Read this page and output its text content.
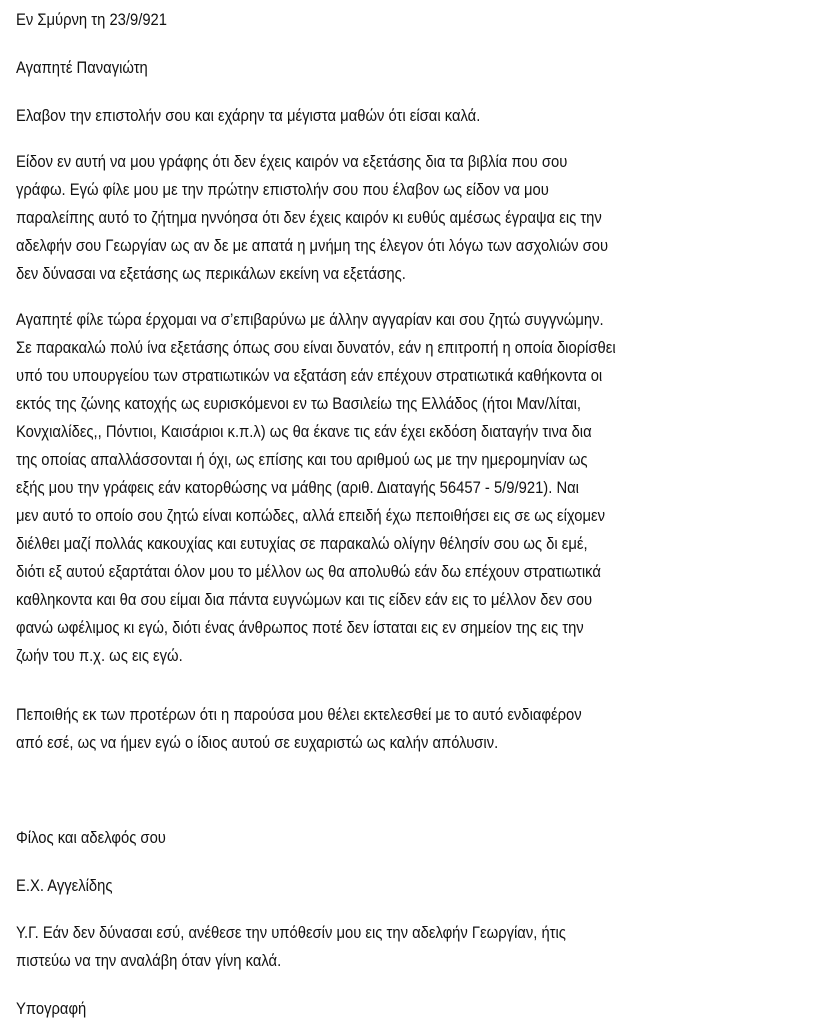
Εν Σμύρνη τη 23/9/921

Αγαπητέ Παναγιώτη

Ελαβον την επιστολήν σου και εχάρην τα μέγιστα μαθών ότι είσαι καλά.

Είδον εν αυτή να μου γράφης ότι δεν έχεις καιρόν να εξετάσης δια τα βιβλία που σου
γράφω. Εγώ φίλε μου με την πρώτην επιστολήν σου που έλαβον ως είδον να μου
παραλείπης αυτό το ζήτημα ηννόησα ότι δεν έχεις καιρόν κι ευθύς αμέσως έγραψα εις την
αδελφήν σου Γεωργίαν ως αν δε με απατά η μνήμη της έλεγον ότι λόγω των ασχολιών σου
δεν δύνασαι να εξετάσης ως περικάλων εκείνη να εξετάσης.

Αγαπητέ φίλε τώρα έρχομαι να σ’επιβαρύνω με άλλην αγγαρίαν και σου ζητώ συγγνώμην.
Σε παρακαλώ πολύ ίνα εξετάσης όπως σου είναι δυνατόν, εάν η επιτροπή η οποία διορίσθει
υπό του υπουργείου των στρατιωτικών να εξατάση εάν επέχουν στρατιωτικά καθήκοντα οι
εκτός της ζώνης κατοχής ως ευρισκόμενοι εν τω Βασιλείω της Ελλάδος (ήτοι Μαν/λίται,
Κονχιαλίδες,, Πόντιοι, Καισάριοι κ.π.λ) ως θα έκανε τις εάν έχει εκδόση διαταγήν τινα δια
της οποίας απαλλάσσονται ή όχι, ως επίσης και του αριθμού ως με την ημερομηνίαν ως
εξής μου την γράφεις εάν κατορθώσης να μάθης (αριθ. Διαταγής 56457 - 5/9/921). Ναι
μεν αυτό το οποίο σου ζητώ είναι κοπώδες, αλλά επειδή έχω πεποιθήσει εις σε ως είχομεν
διέλθει μαζί πολλάς κακουχίας και ευτυχίας σε παρακαλώ ολίγην θέλησίν σου ως δι εμέ,
διότι εξ αυτού εξαρτάται όλον μου το μέλλον ως θα απολυθώ εάν δω επέχουν στρατιωτικά
καθληκοντα και θα σου είμαι δια πάντα ευγνώμων και τις είδεν εάν εις το μέλλον δεν σου
φανώ ωφέλιμος κι εγώ, διότι ένας άνθρωπος ποτέ δεν ίσταται εις εν σημείον της εις την
ζωήν του π.χ. ως εις εγώ.

Πεποιθής εκ των προτέρων ότι η παρούσα μου θέλει εκτελεσθεί με το αυτό ενδιαφέρον
από εσέ, ως να ήμεν εγώ ο ίδιος αυτού σε ευχαριστώ ως καλήν απόλυσιν.

Φίλος και αδελφός σου

Ε.Χ. Αγγελίδης

Υ.Γ. Εάν δεν δύνασαι εσύ, ανέθεσε την υπόθεσίν μου εις την αδελφήν Γεωργίαν, ήτις
πιστεύω να την αναλάβη όταν γίνη καλά.

Υπογραφή
